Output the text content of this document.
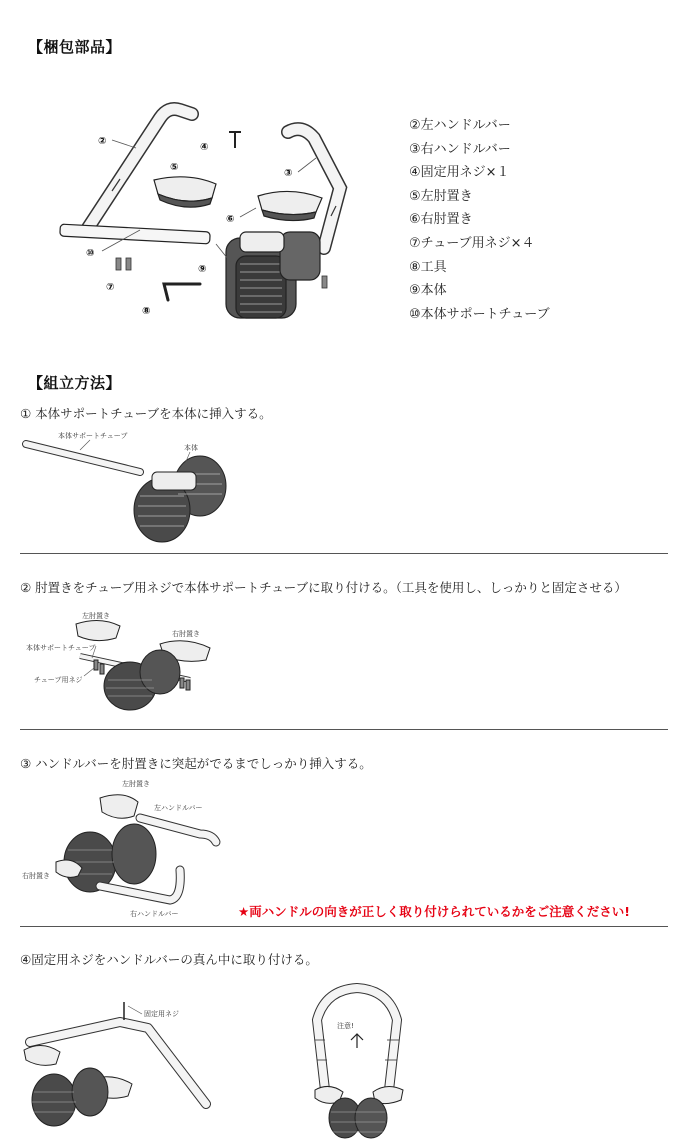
【梱包部品】
②
③
④
⑤
⑥
⑦
⑧
⑨
⑩
②左ハンドルバー
③右ハンドルバー
④固定用ネジ×１
⑤左肘置き
⑥右肘置き
⑦チューブ用ネジ×４
⑧工具
⑨本体
⑩本体サポートチューブ
【組立方法】
① 本体サポートチューブを本体に挿入する。
本体サポートチューブ
本体
② 肘置きをチューブ用ネジで本体サポートチューブに取り付ける。（工具を使用し、しっかりと固定させる）
左肘置き
右肘置き
本体サポートチューブ
チューブ用ネジ
③ ハンドルバーを肘置きに突起がでるまでしっかり挿入する。
左肘置き
左ハンドルバー
右肘置き
右ハンドルバー	★両ハンドルの向きが正しく取り付けられているかをご注意ください!
④固定用ネジをハンドルバーの真ん中に取り付ける。
固定用ネジ
注意!
